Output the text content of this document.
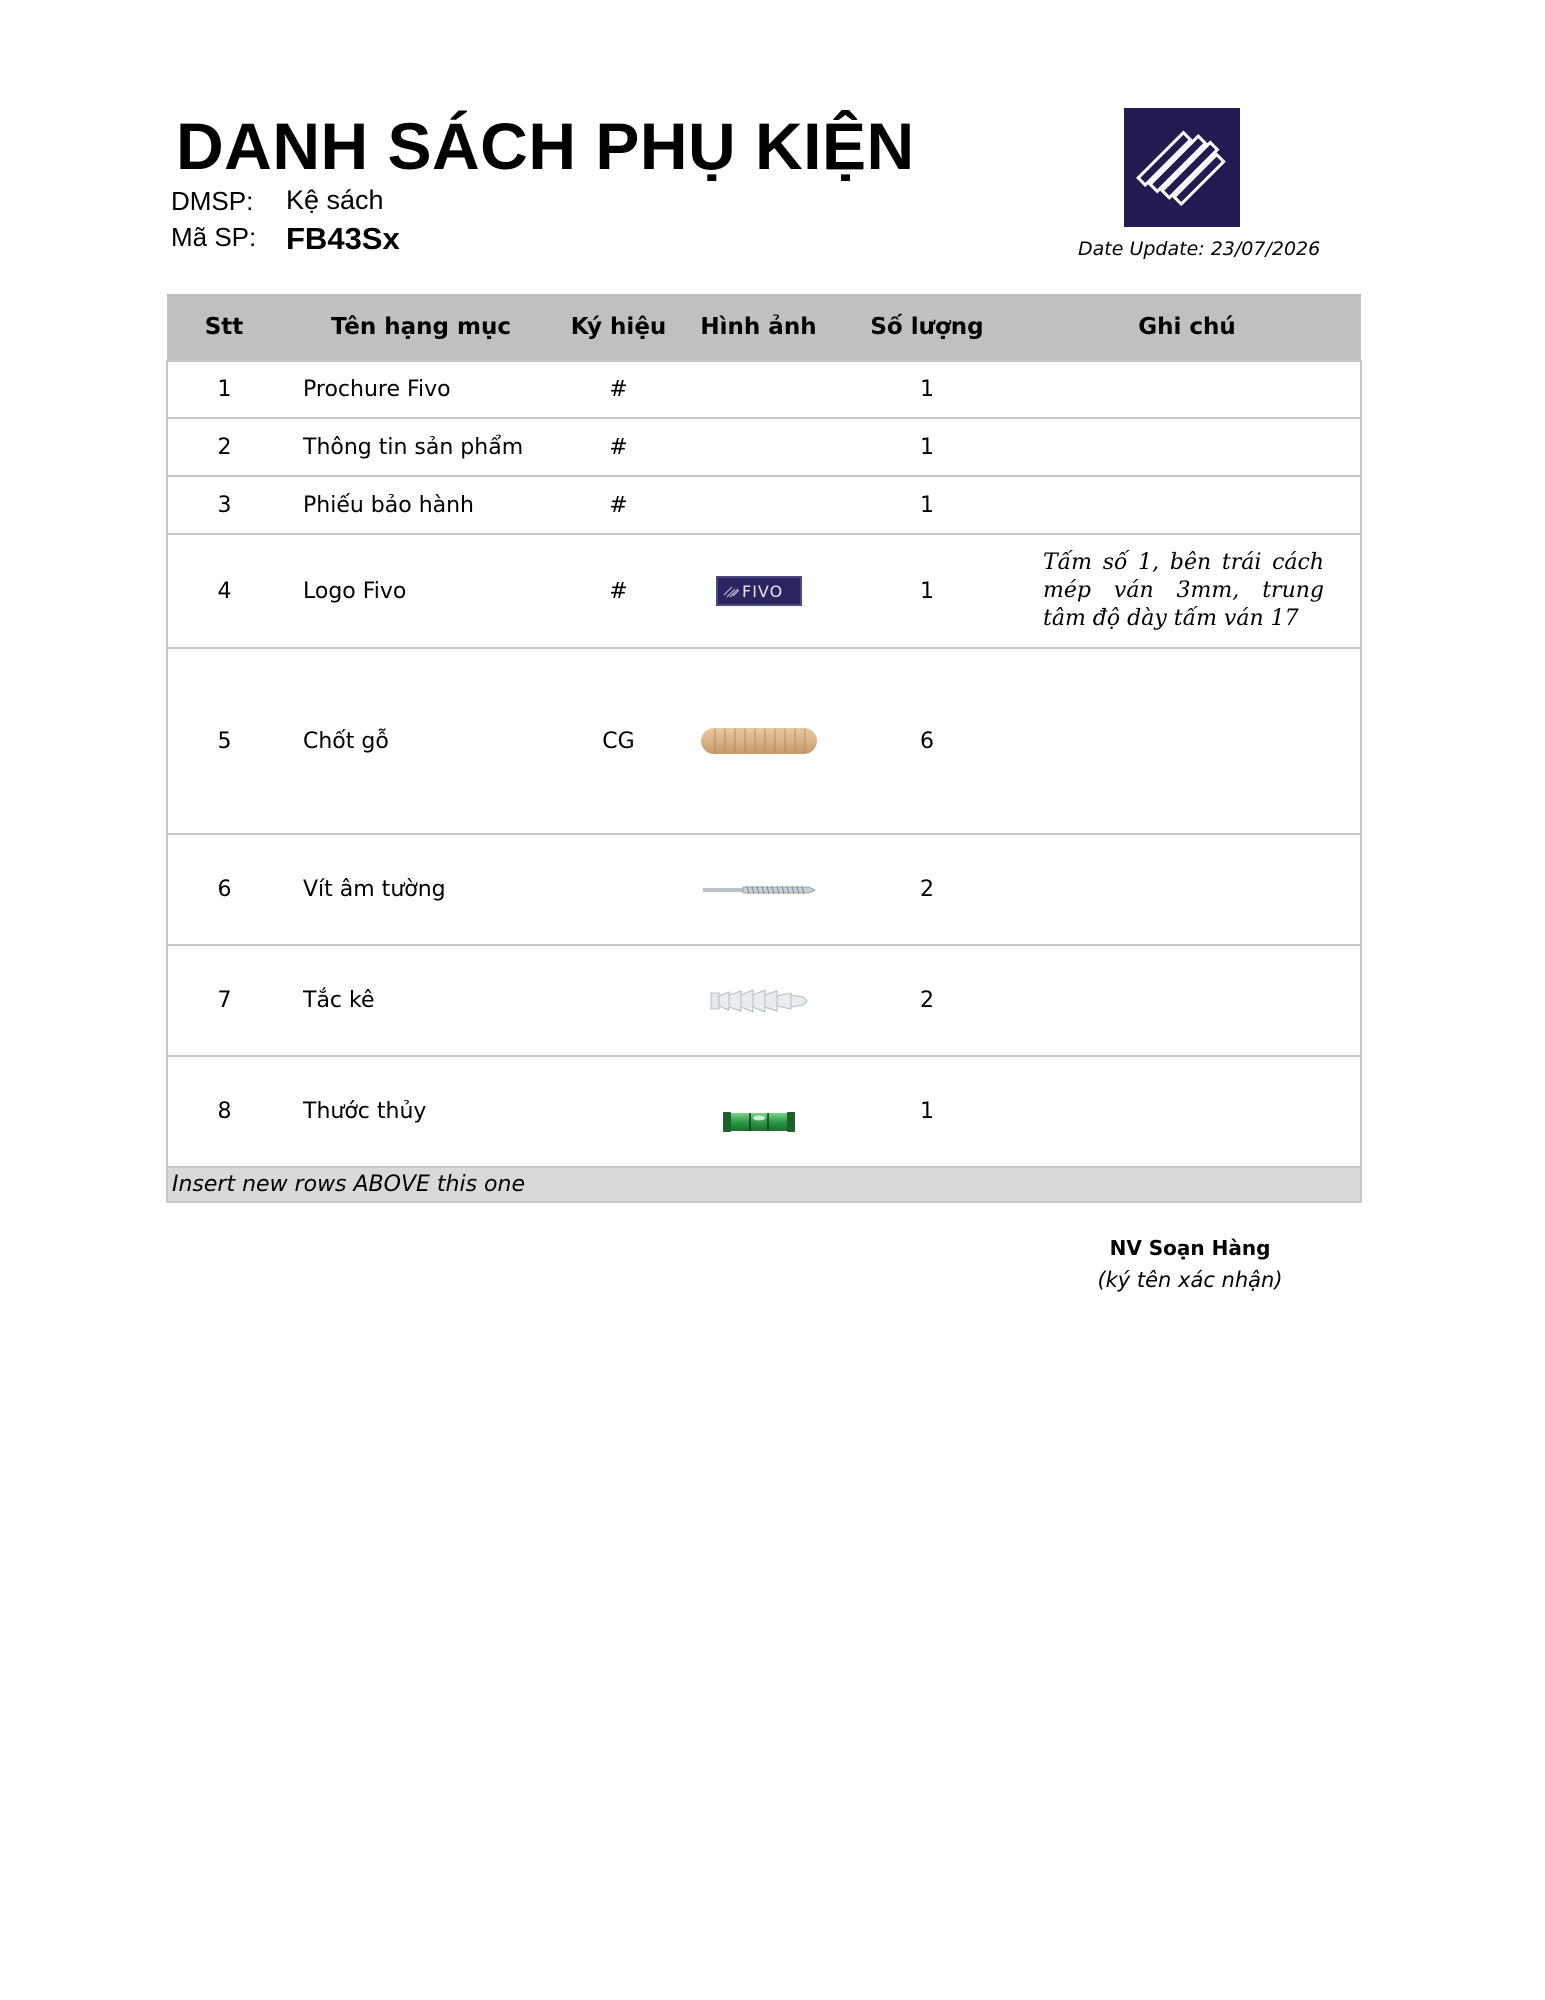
DANH SÁCH PHỤ KIỆN
DMSP: Kệ sách
Mã SP: FB43Sx	Date Update: 23/07/2026
Stt	Tên hạng mục	Ký hiệu	Hình ảnh	Số lượng	Ghi chú
1	Prochure Fivo	#		1	
2	Thông tin sản phẩm	#		1	
3	Phiếu bảo hành	#		1	
4	Logo Fivo	#	FIVO	1	Tấm số 1, bên trái cách mép ván 3mm, trung tâm độ dày tấm ván 17
5	Chốt gỗ	CG		6	
6	Vít âm tường			2	
7	Tắc kê			2	
8	Thước thủy			1	
Insert new rows ABOVE this one					
NV Soạn Hàng
(ký tên xác nhận)
